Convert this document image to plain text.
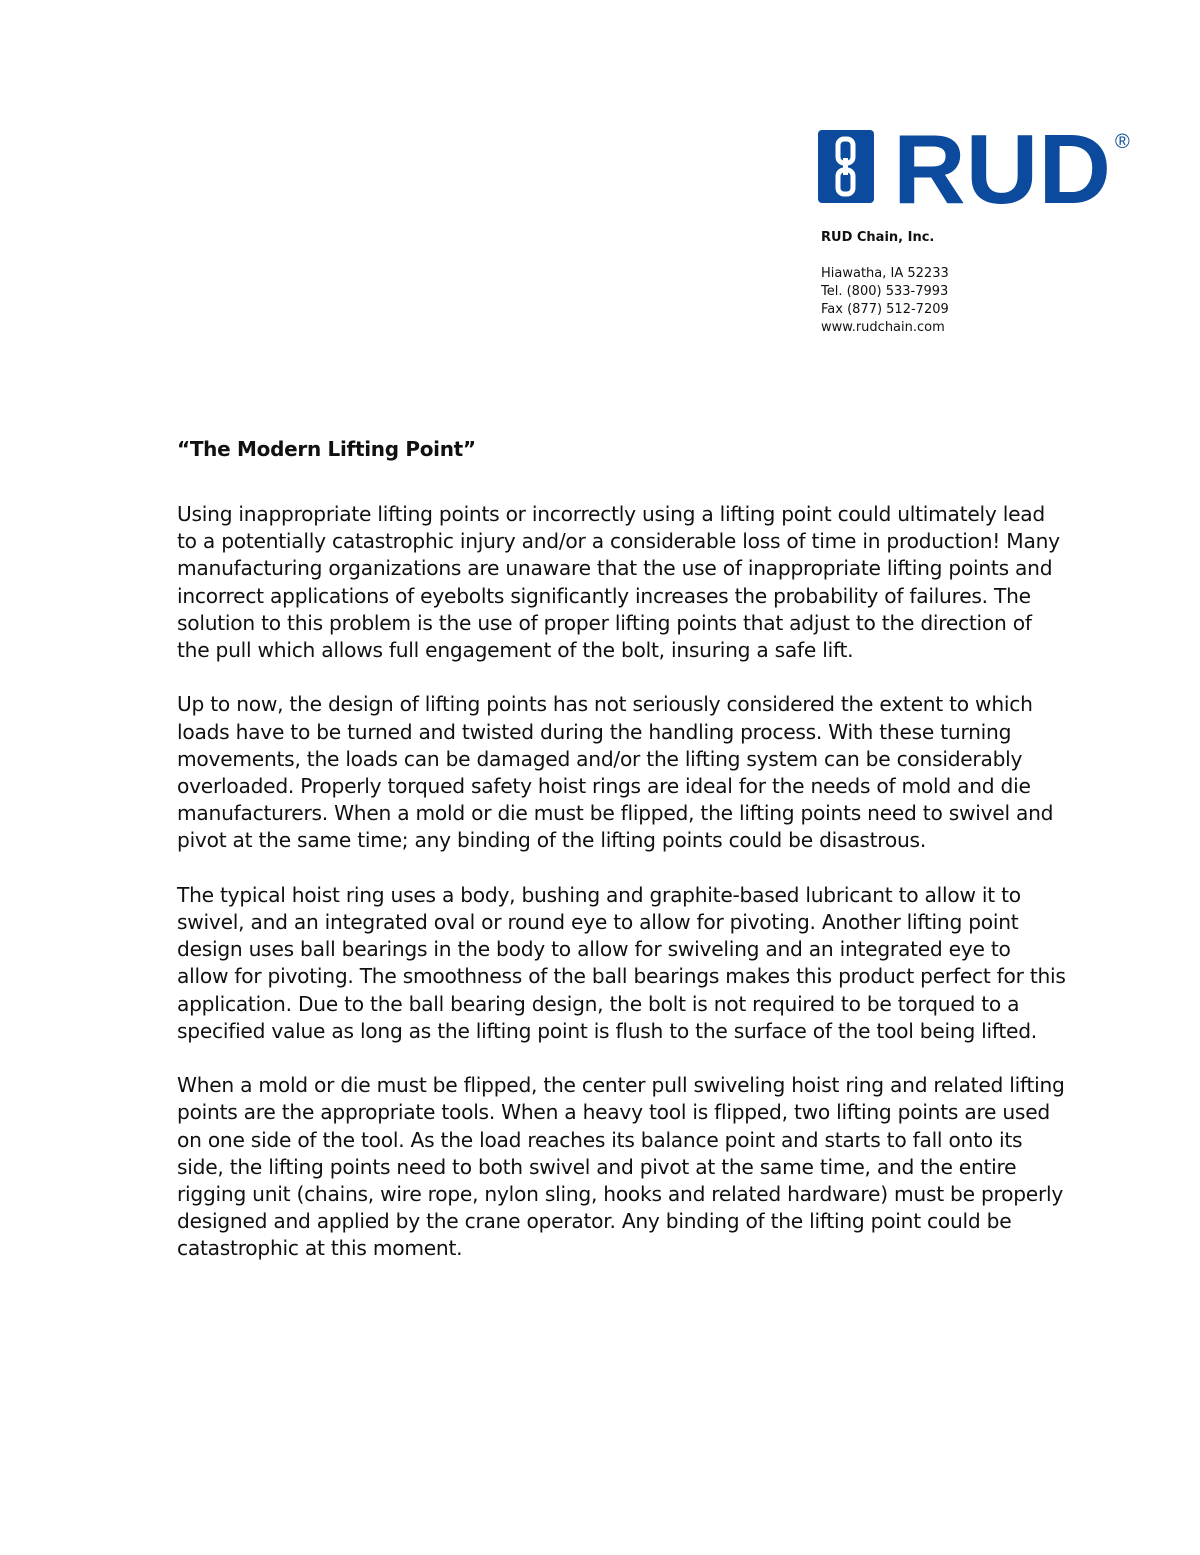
RUD ®
RUD Chain, Inc.
Hiawatha, IA 52233
Tel. (800) 533-7993
Fax (877) 512-7209
www.rudchain.com
“The Modern Lifting Point”

Using inappropriate lifting points or incorrectly using a lifting point could ultimately lead to a potentially catastrophic injury and/or a considerable loss of time in production! Many manufacturing organizations are unaware that the use of inappropriate lifting points and incorrect applications of eyebolts significantly increases the probability of failures. The solution to this problem is the use of proper lifting points that adjust to the direction of the pull which allows full engagement of the bolt, insuring a safe lift.

Up to now, the design of lifting points has not seriously considered the extent to which loads have to be turned and twisted during the handling process. With these turning movements, the loads can be damaged and/or the lifting system can be considerably overloaded. Properly torqued safety hoist rings are ideal for the needs of mold and die manufacturers. When a mold or die must be flipped, the lifting points need to swivel and pivot at the same time; any binding of the lifting points could be disastrous.

The typical hoist ring uses a body, bushing and graphite-based lubricant to allow it to swivel, and an integrated oval or round eye to allow for pivoting. Another lifting point design uses ball bearings in the body to allow for swiveling and an integrated eye to allow for pivoting. The smoothness of the ball bearings makes this product perfect for this application. Due to the ball bearing design, the bolt is not required to be torqued to a specified value as long as the lifting point is flush to the surface of the tool being lifted.

When a mold or die must be flipped, the center pull swiveling hoist ring and related lifting points are the appropriate tools. When a heavy tool is flipped, two lifting points are used on one side of the tool. As the load reaches its balance point and starts to fall onto its side, the lifting points need to both swivel and pivot at the same time, and the entire rigging unit (chains, wire rope, nylon sling, hooks and related hardware) must be properly designed and applied by the crane operator. Any binding of the lifting point could be catastrophic at this moment.
